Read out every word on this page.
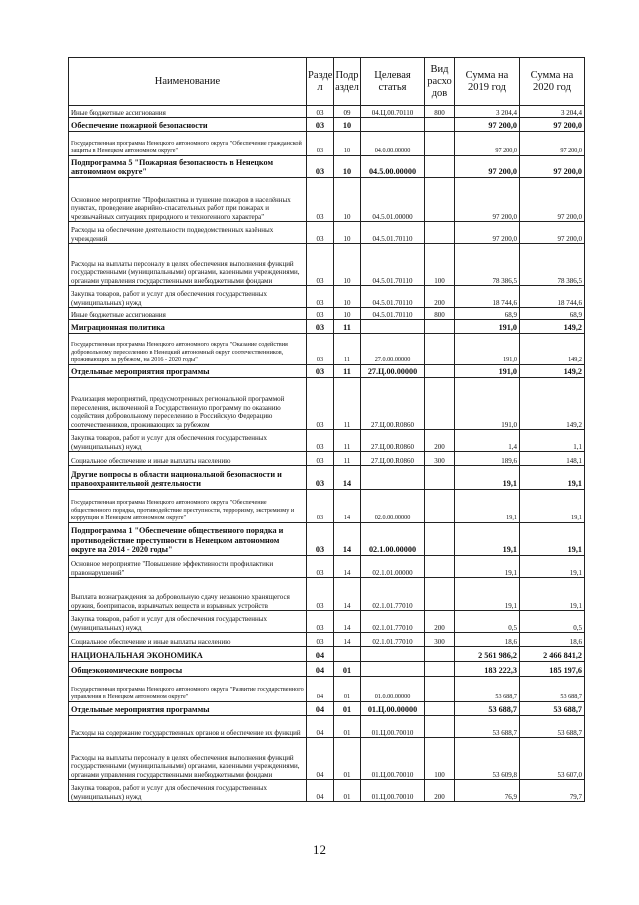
Наименование	Разде л	Подр аздел	Целевая статья	Вид расхо дов	Сумма на 2019 год	Сумма на 2020 год
Иные бюджетные ассигнования	03	09	04.Ц.00.70110	800	3 204,4	3 204,4
Обеспечение пожарной безопасности	03	10			97 200,0	97 200,0
Государственная программа Ненецкого автономного округа "Обеспечение гражданской защиты в Ненецком автономном округе"	03	10	04.0.00.00000		97 200,0	97 200,0
Подпрограмма 5 "Пожарная безопасность в Ненецком автономном округе"	03	10	04.5.00.00000		97 200,0	97 200,0
Основное мероприятие "Профилактика и тушение пожаров в населённых пунктах, проведение аварийно-спасательных работ при пожарах и чрезвычайных ситуациях природного и техногенного характера"	03	10	04.5.01.00000		97 200,0	97 200,0
Расходы на обеспечение деятельности подведомственных казённых учреждений	03	10	04.5.01.70110		97 200,0	97 200,0
Расходы на выплаты персоналу в целях обеспечения выполнения функций государственными (муниципальными) органами, казенными учреждениями, органами управления государственными внебюджетными фондами	03	10	04.5.01.70110	100	78 386,5	78 386,5
Закупка товаров, работ и услуг для обеспечения государственных (муниципальных) нужд	03	10	04.5.01.70110	200	18 744,6	18 744,6
Иные бюджетные ассигнования	03	10	04.5.01.70110	800	68,9	68,9
Миграционная политика	03	11			191,0	149,2
Государственная программа Ненецкого автономного округа "Оказание содействия добровольному переселению в Ненецкий автономный округ соотечественников, проживающих за рубежом, на 2016 - 2020 годы"	03	11	27.0.00.00000		191,0	149,2
Отдельные мероприятия программы	03	11	27.Ц.00.00000		191,0	149,2
Реализация мероприятий, предусмотренных региональной программой переселения, включенной в Государственную программу по оказанию содействия добровольному переселению в Российскую Федерацию соотечественников, проживающих за рубежом	03	11	27.Ц.00.R0860		191,0	149,2
Закупка товаров, работ и услуг для обеспечения государственных (муниципальных) нужд	03	11	27.Ц.00.R0860	200	1,4	1,1
Социальное обеспечение и иные выплаты населению	03	11	27.Ц.00.R0860	300	189,6	148,1
Другие вопросы в области национальной безопасности и правоохранительной деятельности	03	14			19,1	19,1
Государственная программа Ненецкого автономного округа "Обеспечение общественного порядка, противодействие преступности, терроризму, экстремизму и коррупции в Ненецком автономном округе"	03	14	02.0.00.00000		19,1	19,1
Подпрограмма 1 "Обеспечение общественного порядка и противодействие преступности в Ненецком автономном округе на 2014 - 2020 годы"	03	14	02.1.00.00000		19,1	19,1
Основное мероприятие "Повышение эффективности профилактики правонарушений"	03	14	02.1.01.00000		19,1	19,1
Выплата вознаграждения за добровольную сдачу незаконно хранящегося оружия, боеприпасов, взрывчатых веществ и взрывных устройств	03	14	02.1.01.77010		19,1	19,1
Закупка товаров, работ и услуг для обеспечения государственных (муниципальных) нужд	03	14	02.1.01.77010	200	0,5	0,5
Социальное обеспечение и иные выплаты населению	03	14	02.1.01.77010	300	18,6	18,6
НАЦИОНАЛЬНАЯ ЭКОНОМИКА	04				2 561 986,2	2 466 841,2
Общеэкономические вопросы	04	01			183 222,3	185 197,6
Государственная программа Ненецкого автономного округа "Развитие государственного управления в Ненецком автономном округе"	04	01	01.0.00.00000		53 688,7	53 688,7
Отдельные мероприятия программы	04	01	01.Ц.00.00000		53 688,7	53 688,7
Расходы на содержание государственных органов и обеспечение их функций	04	01	01.Ц.00.70010		53 688,7	53 688,7
Расходы на выплаты персоналу в целях обеспечения выполнения функций государственными (муниципальными) органами, казенными учреждениями, органами управления государственными внебюджетными фондами	04	01	01.Ц.00.70010	100	53 609,8	53 607,0
Закупка товаров, работ и услуг для обеспечения государственных (муниципальных) нужд	04	01	01.Ц.00.70010	200	76,9	79,7
12
